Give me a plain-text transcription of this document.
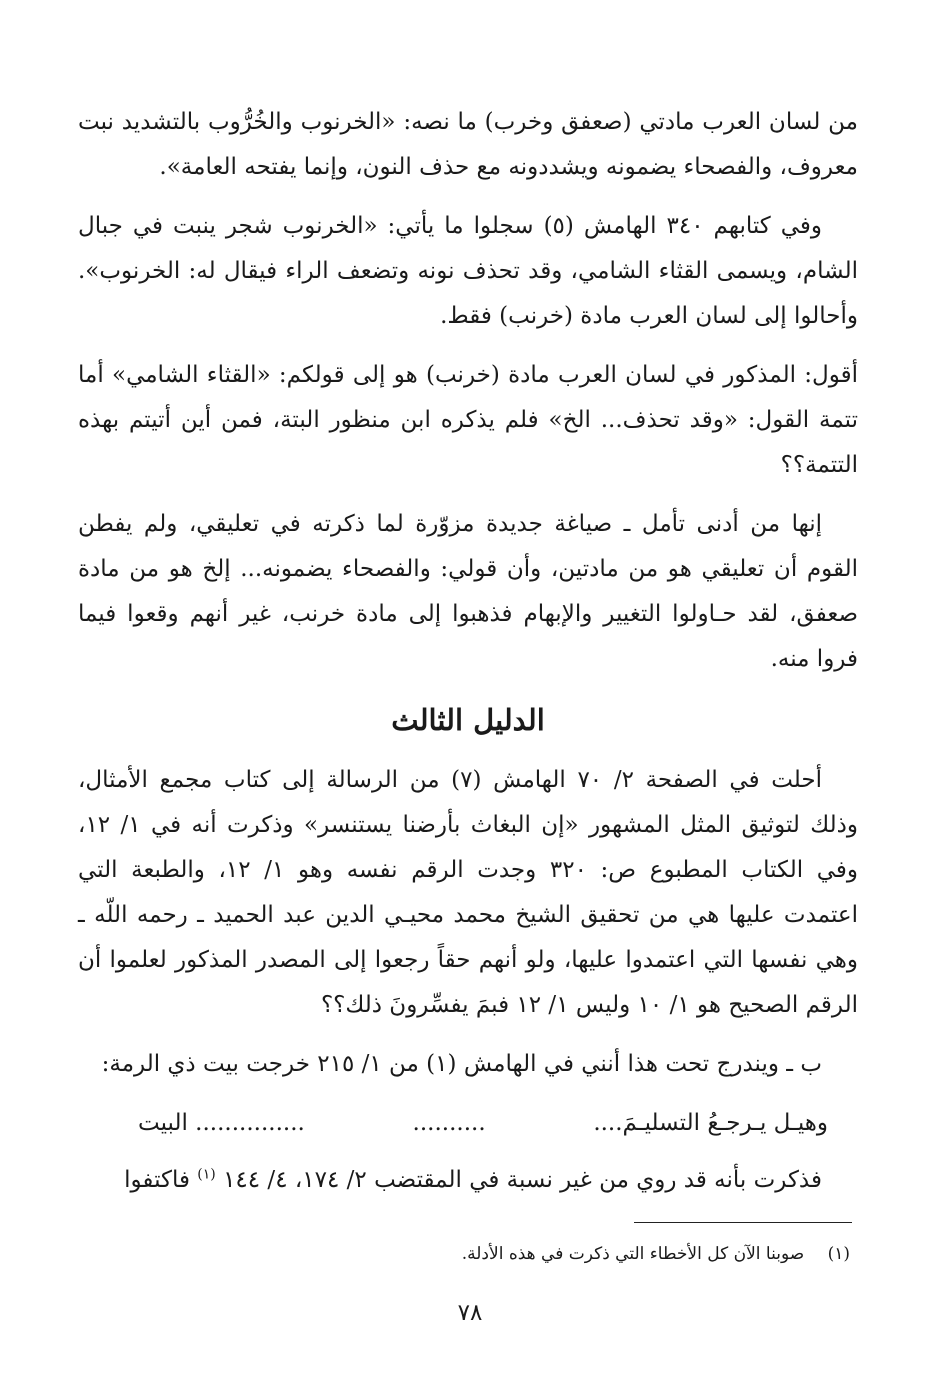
من لسان العرب مادتي (صعفق وخرب) ما نصه: «الخرنوب والخُرُّوب بالتشديد نبت معروف، والفصحاء يضمونه ويشددونه مع حذف النون، وإنما يفتحه العامة».

وفي كتابهم ٣٤٠ الهامش (٥) سجلوا ما يأتي: «الخرنوب شجر ينبت في جبال الشام، ويسمى القثاء الشامي، وقد تحذف نونه وتضعف الراء فيقال له: الخرنوب». وأحالوا إلى لسان العرب مادة (خرنب) فقط.

أقول: المذكور في لسان العرب مادة (خرنب) هو إلى قولكم: «القثاء الشامي» أما تتمة القول: «وقد تحذف... الخ» فلم يذكره ابن منظور البتة، فمن أين أتيتم بهذه التتمة؟؟

إنها من أدنى تأمل ـ صياغة جديدة مزوّرة لما ذكرته في تعليقي، ولم يفطن القوم أن تعليقي هو من مادتين، وأن قولي: والفصحاء يضمونه... إلخ هو من مادة صعفق، لقد حـاولوا التغيير والإبهام فذهبوا إلى مادة خرنب، غير أنهم وقعوا فيما فروا منه.

الدليل الثالث

أحلت في الصفحة ٢/ ٧٠ الهامش (٧) من الرسالة إلى كتاب مجمع الأمثال، وذلك لتوثيق المثل المشهور «إن البغاث بأرضنا يستنسر» وذكرت أنه في ١/ ١٢، وفي الكتاب المطبوع ص: ٣٢٠ وجدت الرقم نفسه وهو ١/ ١٢، والطبعة التي اعتمدت عليها هي من تحقيق الشيخ محمد محيـي الدين عبد الحميد ـ رحمه اللّه ـ وهي نفسها التي اعتمدوا عليها، ولو أنهم حقاً رجعوا إلى المصدر المذكور لعلموا أن الرقم الصحيح هو ١/ ١٠ وليس ١/ ١٢ فبمَ يفسِّرونَ ذلك؟؟

ب ـ ويندرج تحت هذا أنني في الهامش (١) من ١/ ٢١٥ خرجت بيت ذي الرمة:

وهيـل يـرجـعُ التسليـمَ....
..........
............... البيت

فذكرت بأنه قد روي من غير نسبة في المقتضب ٢/ ١٧٤، ٤/ ١٤٤ $^{(١)}$ فاكتفوا

(١) صوبنا الآن كل الأخطاء التي ذكرت في هذه الأدلة.
٧٨
